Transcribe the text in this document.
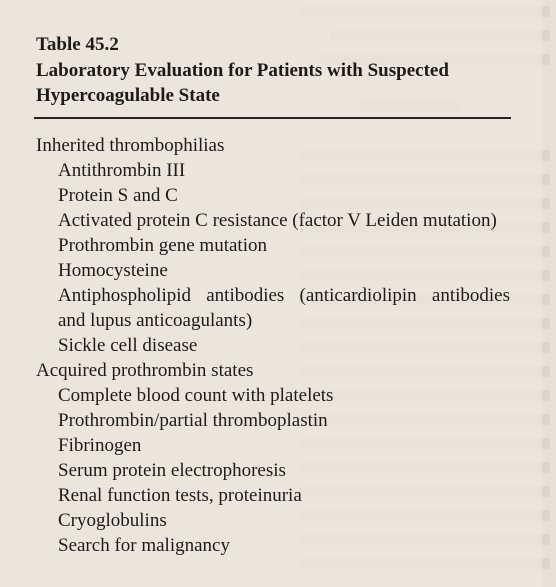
Table 45.2
Laboratory Evaluation for Patients with Suspected Hypercoagulable State
Inherited thrombophilias
Antithrombin III
Protein S and C
Activated protein C resistance (factor V Leiden mutation)
Prothrombin gene mutation
Homocysteine
Antiphospholipid antibodies (anticardiolipin antibodies and lupus anticoagulants)
Sickle cell disease
Acquired prothrombin states
Complete blood count with platelets
Prothrombin/partial thromboplastin
Fibrinogen
Serum protein electrophoresis
Renal function tests, proteinuria
Cryoglobulins
Search for malignancy
